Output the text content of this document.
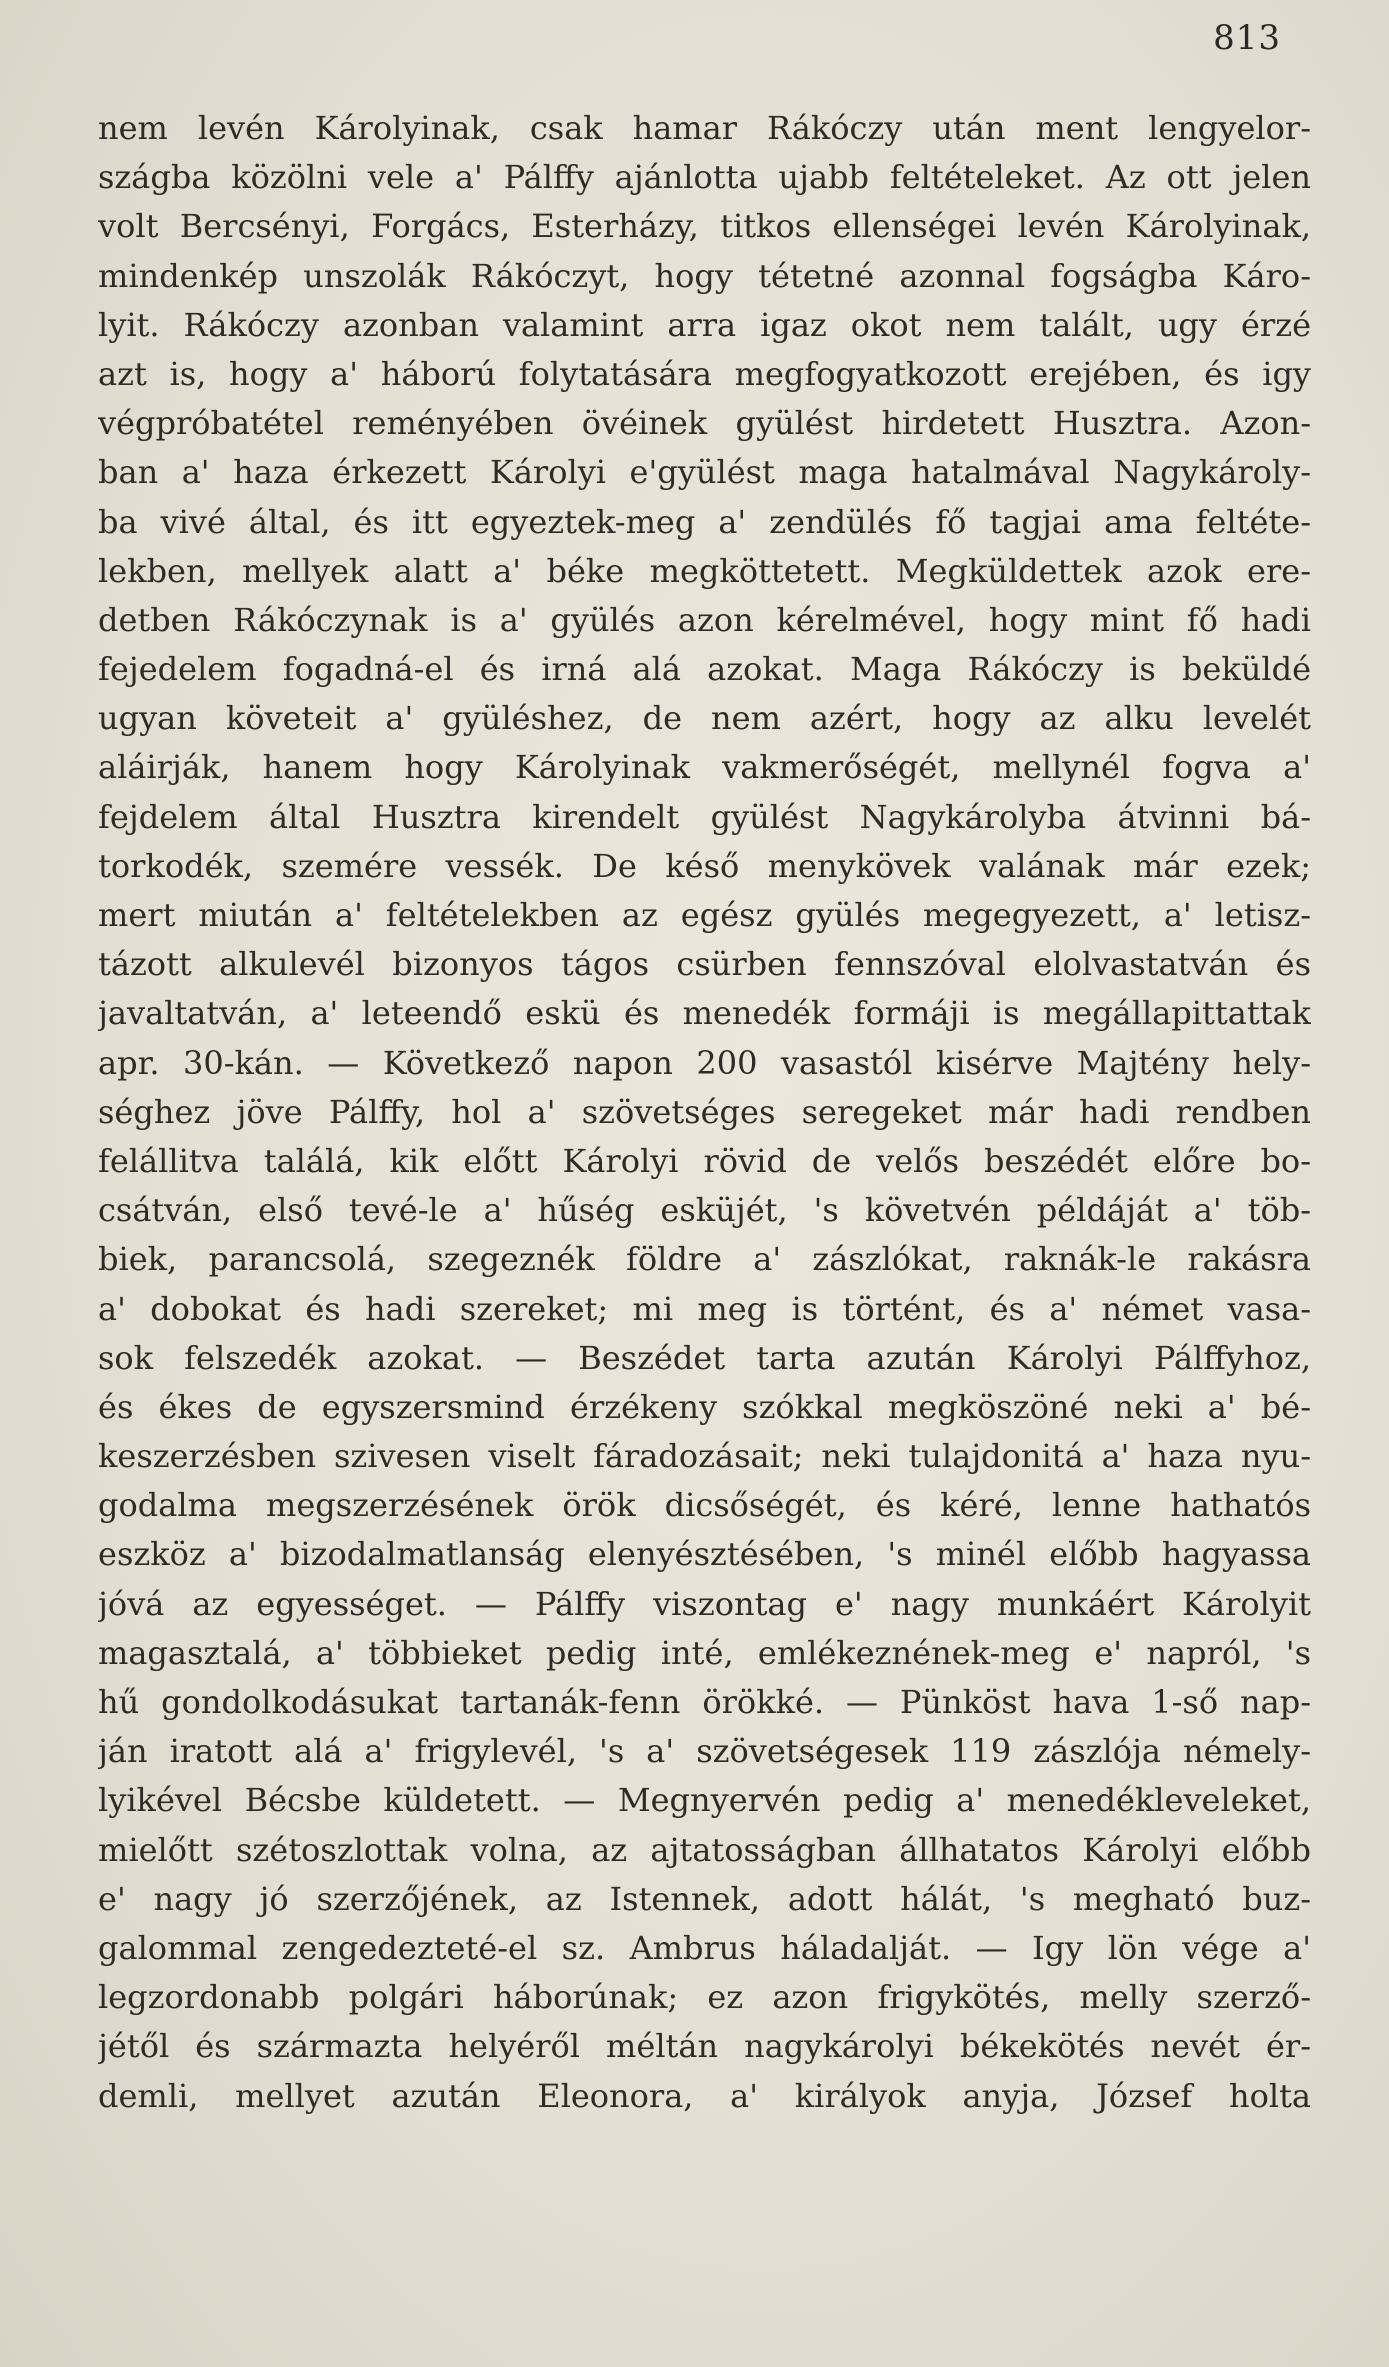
813
nem levén Károlyinak, csak hamar Rákóczy után ment lengyelor-
szágba közölni vele a' Pálffy ajánlotta ujabb feltételeket. Az ott jelen
volt Bercsényi, Forgács, Esterházy, titkos ellenségei levén Károlyinak,
mindenkép unszolák Rákóczyt, hogy tétetné azonnal fogságba Káro-
lyit. Rákóczy azonban valamint arra igaz okot nem talált, ugy érzé
azt is, hogy a' háború folytatására megfogyatkozott erejében, és igy
végpróbatétel reményében övéinek gyülést hirdetett Husztra. Azon-
ban a' haza érkezett Károlyi e'gyülést maga hatalmával Nagykároly-
ba vivé által, és itt egyeztek-meg a' zendülés fő tagjai ama feltéte-
lekben, mellyek alatt a' béke megköttetett. Megküldettek azok ere-
detben Rákóczynak is a' gyülés azon kérelmével, hogy mint fő hadi
fejedelem fogadná-el és irná alá azokat. Maga Rákóczy is beküldé
ugyan követeit a' gyüléshez, de nem azért, hogy az alku levelét
aláirják, hanem hogy Károlyinak vakmerőségét, mellynél fogva a'
fejdelem által Husztra kirendelt gyülést Nagykárolyba átvinni bá-
torkodék, szemére vessék. De késő menykövek valának már ezek;
mert miután a' feltételekben az egész gyülés megegyezett, a' letisz-
tázott alkulevél bizonyos tágos csürben fennszóval elolvastatván és
javaltatván, a' leteendő eskü és menedék formáji is megállapittattak
apr. 30-kán. — Következő napon 200 vasastól kisérve Majtény hely-
séghez jöve Pálffy, hol a' szövetséges seregeket már hadi rendben
felállitva találá, kik előtt Károlyi rövid de velős beszédét előre bo-
csátván, első tevé-le a' hűség esküjét, 's követvén példáját a' töb-
biek, parancsolá, szegeznék földre a' zászlókat, raknák-le rakásra
a' dobokat és hadi szereket; mi meg is történt, és a' német vasa-
sok felszedék azokat. — Beszédet tarta azután Károlyi Pálffyhoz,
és ékes de egyszersmind érzékeny szókkal megköszöné neki a' bé-
keszerzésben szivesen viselt fáradozásait; neki tulajdonitá a' haza nyu-
godalma megszerzésének örök dicsőségét, és kéré, lenne hathatós
eszköz a' bizodalmatlanság elenyésztésében, 's minél előbb hagyassa
jóvá az egyességet. — Pálffy viszontag e' nagy munkáért Károlyit
magasztalá, a' többieket pedig inté, emlékeznének-meg e' napról, 's
hű gondolkodásukat tartanák-fenn örökké. — Pünköst hava 1-ső nap-
ján iratott alá a' frigylevél, 's a' szövetségesek 119 zászlója némely-
lyikével Bécsbe küldetett. — Megnyervén pedig a' menedékleveleket,
mielőtt szétoszlottak volna, az ajtatosságban állhatatos Károlyi előbb
e' nagy jó szerzőjének, az Istennek, adott hálát, 's megható buz-
galommal zengedezteté-el sz. Ambrus háladalját. — Igy lön vége a'
legzordonabb polgári háborúnak; ez azon frigykötés, melly szerző-
jétől és származta helyéről méltán nagykárolyi békekötés nevét ér-
demli, mellyet azután Eleonora, a' királyok anyja, József holta
